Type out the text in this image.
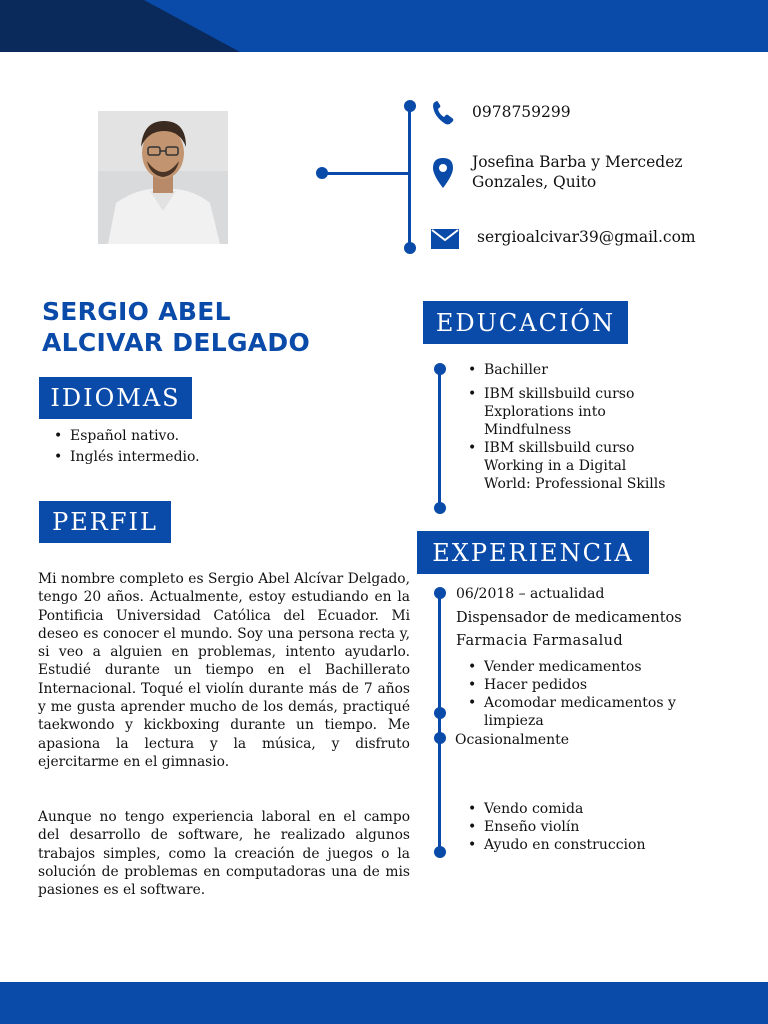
0978759299
Josefina Barba y Mercedez
Gonzales, Quito
sergioalcivar39@gmail.com
SERGIO ABEL
ALCIVAR DELGADO
IDIOMAS
• Español nativo.
• Inglés intermedio.
PERFIL
Mi nombre completo es Sergio Abel Alcívar Delgado, tengo 20 años. Actualmente, estoy estudiando en la Pontificia Universidad Católica del Ecuador. Mi deseo es conocer el mundo. Soy una persona recta y, si veo a alguien en problemas, intento ayudarlo. Estudié durante un tiempo en el Bachillerato Internacional. Toqué el violín durante más de 7 años y me gusta aprender mucho de los demás, practiqué taekwondo y kickboxing durante un tiempo. Me apasiona la lectura y la música, y disfruto ejercitarme en el gimnasio.
Aunque no tengo experiencia laboral en el campo del desarrollo de software, he realizado algunos trabajos simples, como la creación de juegos o la solución de problemas en computadoras una de mis pasiones es el software.
EDUCACIÓN
• Bachiller
• IBM skillsbuild curso Explorations into Mindfulness
• IBM skillsbuild curso Working in a Digital World: Professional Skills
EXPERIENCIA
06/2018 – actualidad
Dispensador de medicamentos
Farmacia Farmasalud
• Vender medicamentos
• Hacer pedidos
• Acomodar medicamentos y limpieza
Ocasionalmente
• Vendo comida
• Enseño violín
• Ayudo en construccion
